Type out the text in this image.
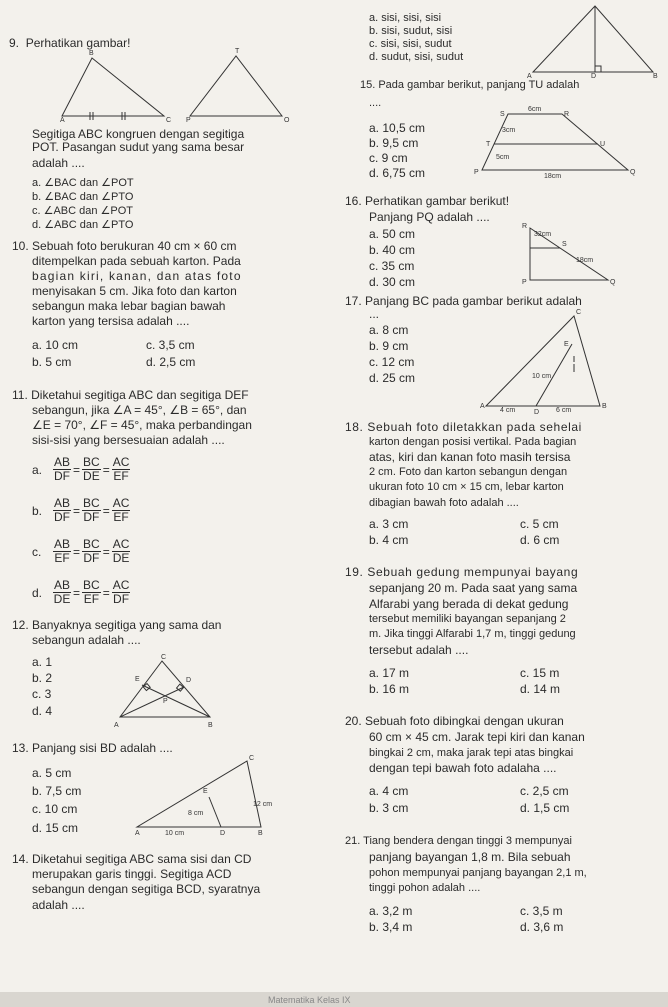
9. Perhatikan gambar!
A	C
B
P	O
T
Segitiga ABC kongruen dengan segitiga
POT. Pasangan sudut yang sama besar
adalah ....
a. ∠BAC dan ∠POT
b. ∠BAC dan ∠PTO
c. ∠ABC dan ∠POT
d. ∠ABC dan ∠PTO
10. Sebuah foto berukuran 40 cm × 60 cm
ditempelkan pada sebuah karton. Pada
bagian kiri, kanan, dan atas foto
menyisakan 5 cm. Jika foto dan karton
sebangun maka lebar bagian bawah
karton yang tersisa adalah ....
a. 10 cm	c. 3,5 cm
b. 5 cm	d. 2,5 cm
11. Diketahui segitiga ABC dan segitiga DEF
sebangun, jika ∠A = 45°, ∠B = 65°, dan
∠E = 70°, ∠F = 45°, maka perbandingan
sisi-sisi yang bersesuaian adalah ....
a. $\frac{AB}{DF} = \frac{BC}{DE} = \frac{AC}{EF}$
b. $\frac{AB}{DF} = \frac{BC}{DF} = \frac{AC}{EF}$
c. $\frac{AB}{EF} = \frac{BC}{DF} = \frac{AC}{DE}$
d. $\frac{AB}{DE} = \frac{BC}{EF} = \frac{AC}{DF}$
12. Banyaknya segitiga yang sama dan
sebangun adalah ....
a. 1
b. 2
c. 3
d. 4
C
E	D
P
A	B
13. Panjang sisi BD adalah ....
a. 5 cm
b. 7,5 cm
c. 10 cm
d. 15 cm
C
E
8 cm
12 cm
A	10 cm	D	B
14. Diketahui segitiga ABC sama sisi dan CD
merupakan garis tinggi. Segitiga ACD
sebangun dengan segitiga BCD, syaratnya
adalah ....
a. sisi, sisi, sisi
b. sisi, sudut, sisi
c. sisi, sisi, sudut
d. sudut, sisi, sudut
A	D	B
15. Pada gambar berikut, panjang TU adalah
....
a. 10,5 cm
b. 9,5 cm
c. 9 cm
d. 6,75 cm
S	R
6cm
3cm
T	U
5cm
P
18cm
Q
16. Perhatikan gambar berikut!
Panjang PQ adalah ....
a. 50 cm
b. 40 cm
c. 35 cm
d. 30 cm
R
32cm
S
18cm
P	Q
17. Panjang BC pada gambar berikut adalah
...
a. 8 cm
b. 9 cm
c. 12 cm
d. 25 cm
C
E
10 cm
A
4 cm	D 6 cm
B
18. Sebuah foto diletakkan pada sehelai
karton dengan posisi vertikal. Pada bagian
atas, kiri dan kanan foto masih tersisa
2 cm. Foto dan karton sebangun dengan
ukuran foto 10 cm × 15 cm, lebar karton
dibagian bawah foto adalah ....
a. 3 cm	c. 5 cm
b. 4 cm	d. 6 cm
19. Sebuah gedung mempunyai bayang
sepanjang 20 m. Pada saat yang sama
Alfarabi yang berada di dekat gedung
tersebut memiliki bayangan sepanjang 2
m. Jika tinggi Alfarabi 1,7 m, tinggi gedung
tersebut adalah ....
a. 17 m	c. 15 m
b. 16 m	d. 14 m
20. Sebuah foto dibingkai dengan ukuran
60 cm × 45 cm. Jarak tepi kiri dan kanan
bingkai 2 cm, maka jarak tepi atas bingkai
dengan tepi bawah foto adalaha ....
a. 4 cm	c. 2,5 cm
b. 3 cm	d. 1,5 cm
21. Tiang bendera dengan tinggi 3 mempunyai
panjang bayangan 1,8 m. Bila sebuah
pohon mempunyai panjang bayangan 2,1 m,
tinggi pohon adalah ....
a. 3,2 m	c. 3,5 m
b. 3,4 m	d. 3,6 m
Matematika Kelas IX
